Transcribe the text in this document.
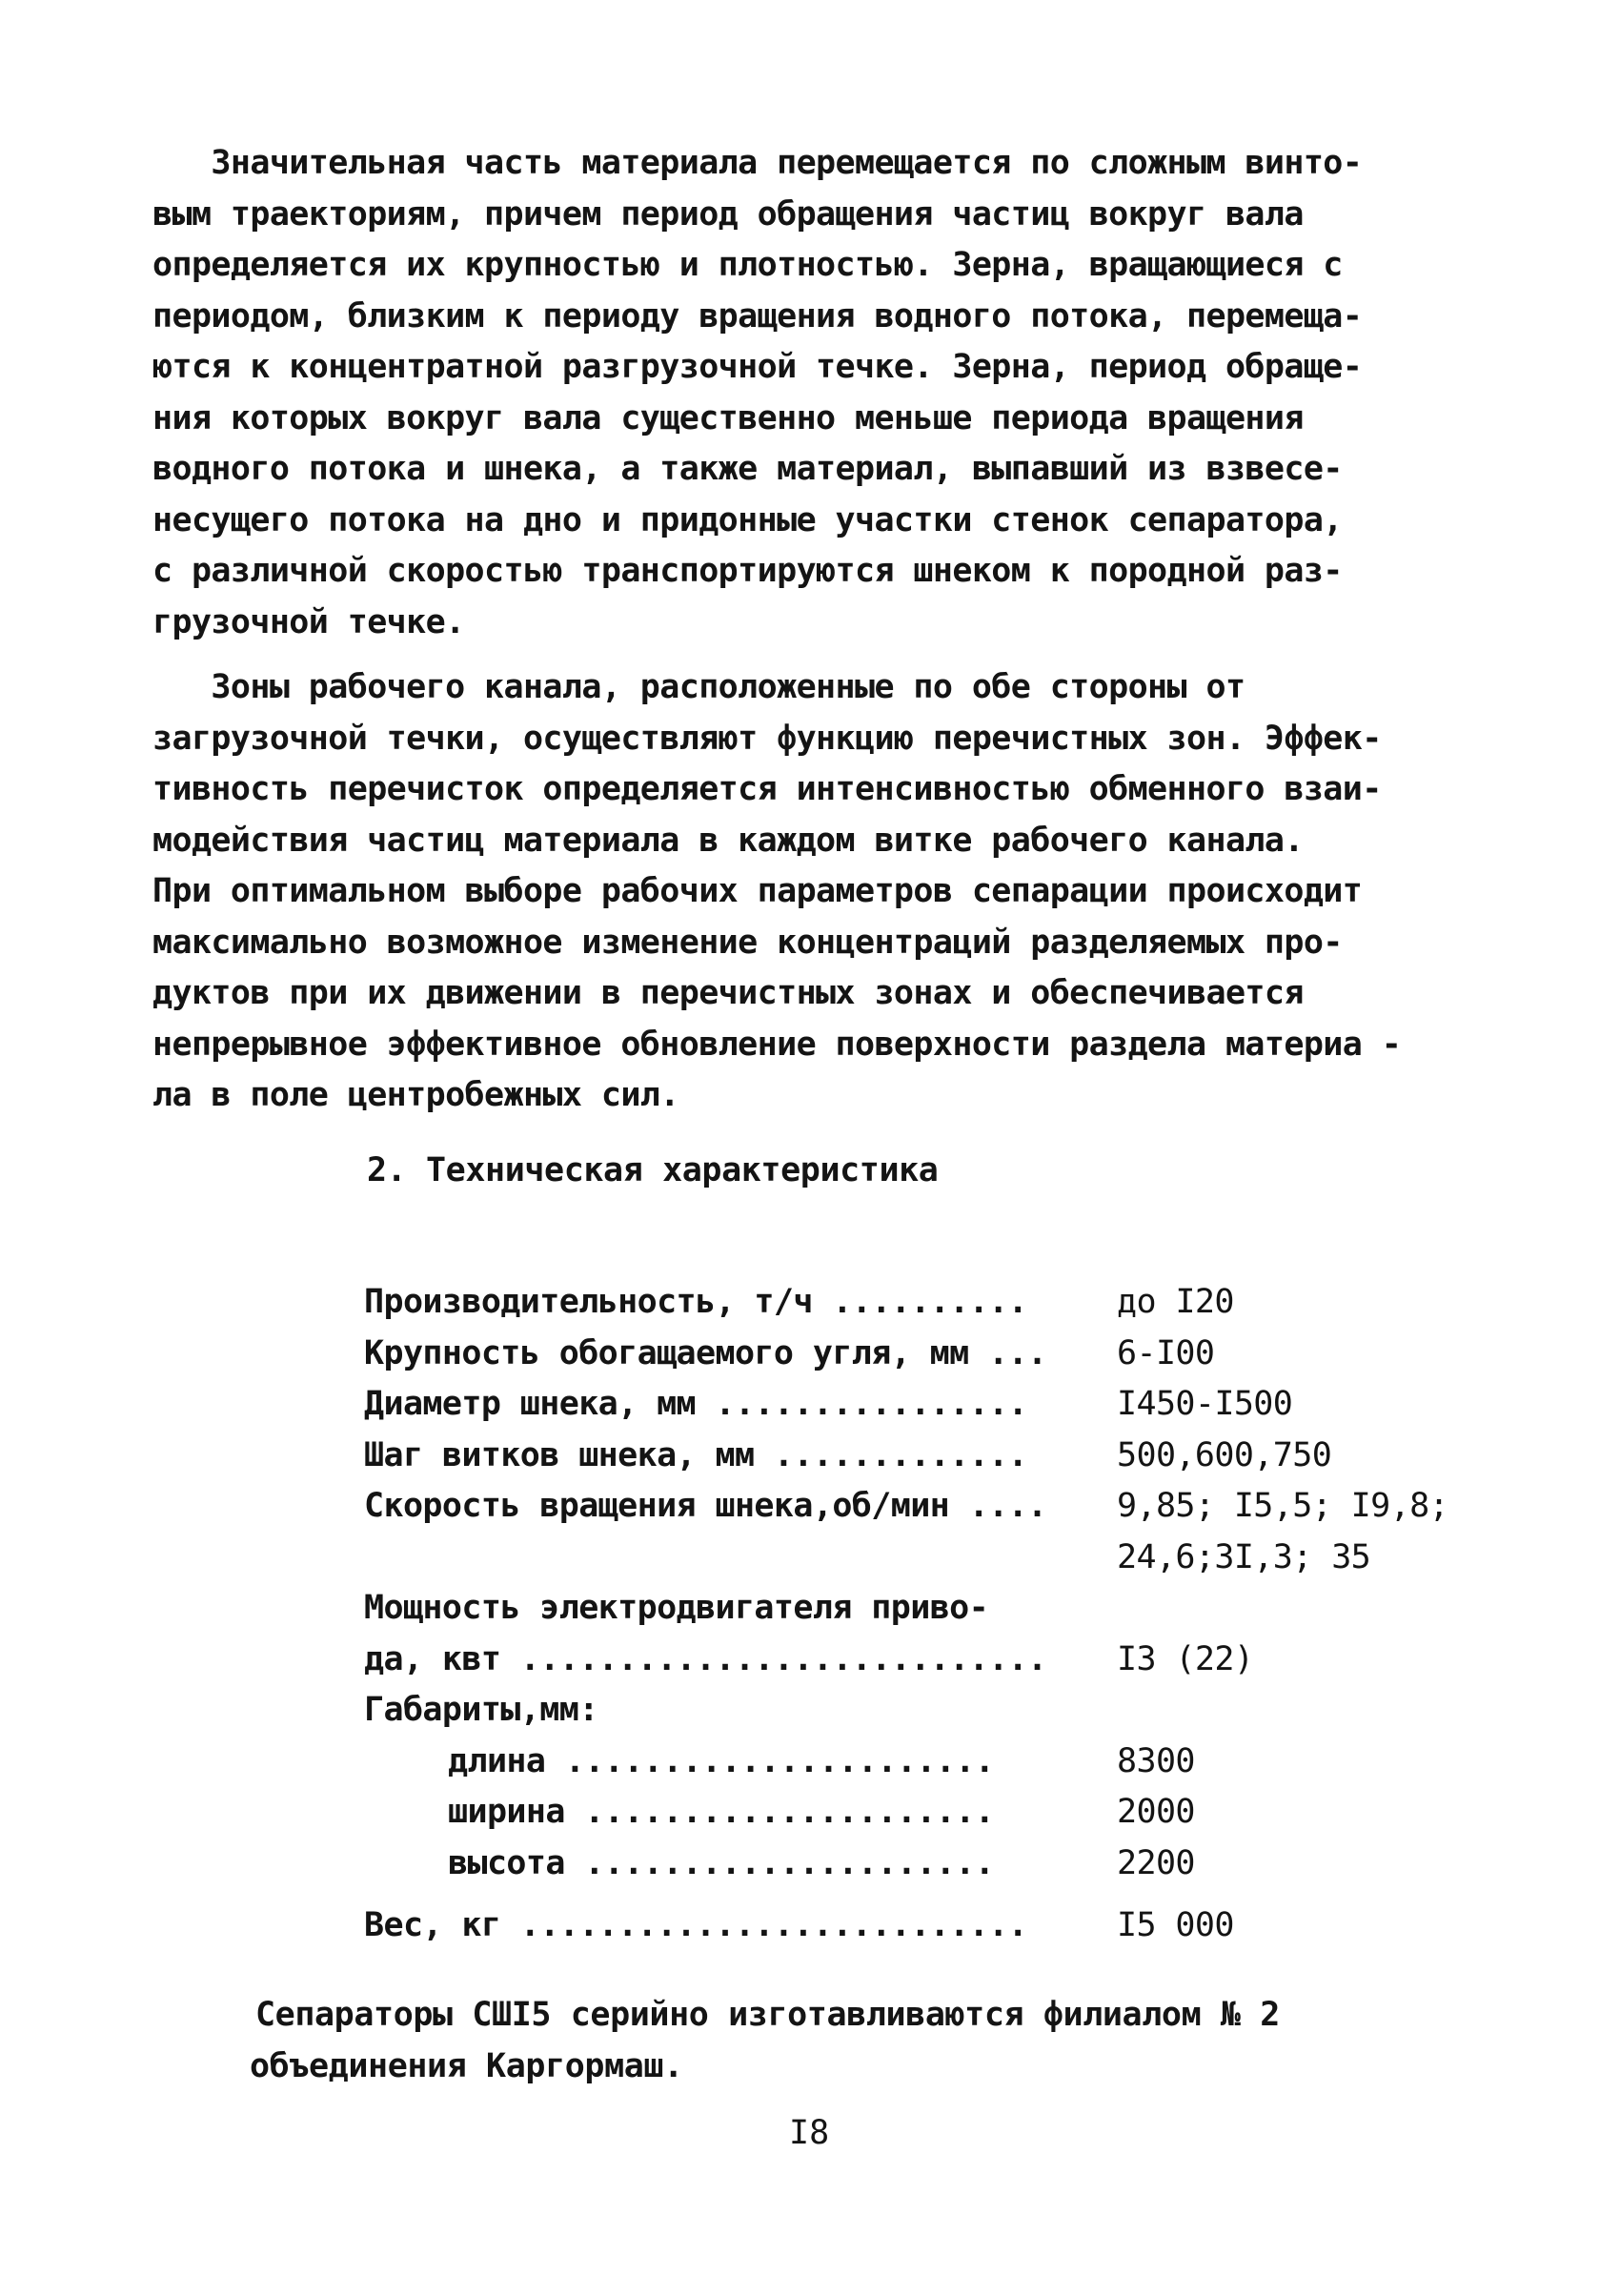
Значительная часть материала перемещается по сложным винто-
вым траекториям, причем период обращения частиц вокруг вала
определяется их крупностью и плотностью. Зерна, вращающиеся с
периодом, близким к периоду вращения водного потока, перемеща-
ются к концентратной разгрузочной течке. Зерна, период обраще-
ния которых вокруг вала существенно меньше периода вращения
водного потока и шнека, а также материал, выпавший из взвесе-
несущего потока на дно и придонные участки стенок сепаратора,
с различной скоростью транспортируются шнеком к породной раз-
грузочной течке.
Зоны рабочего канала, расположенные по обе стороны от
загрузочной течки, осуществляют функцию перечистных зон. Эффек-
тивность перечисток определяется интенсивностью обменного взаи-
модействия частиц материала в каждом витке рабочего канала.
При оптимальном выборе рабочих параметров сепарации происходит
максимально возможное изменение концентраций разделяемых про-
дуктов при их движении в перечистных зонах и обеспечивается
непрерывное эффективное обновление поверхности раздела материа -
ла в поле центробежных сил.
2. Техническая характеристика

Производительность, т/ч ..........

	до I20

Крупность обогащаемого угля, мм ...

6-I00

Диаметр шнека, мм ................

	I450-I500

Шаг витков шнека, мм .............

	500,600,750

Скорость вращения шнека,об/мин ....

9,85; I5,5; I9,8;

24,6;3I,3; 35

Мощность электродвигателя приво-

да, квт ...........................

I3 (22)

Габариты,мм:

длина ......................

	8300

ширина .....................

	2000

высота .....................

	2200

Вес, кг ..........................

	I5 000

Сепараторы СШI5 серийно изготавливаются филиалом № 2
объединения Каргормаш.
I8
